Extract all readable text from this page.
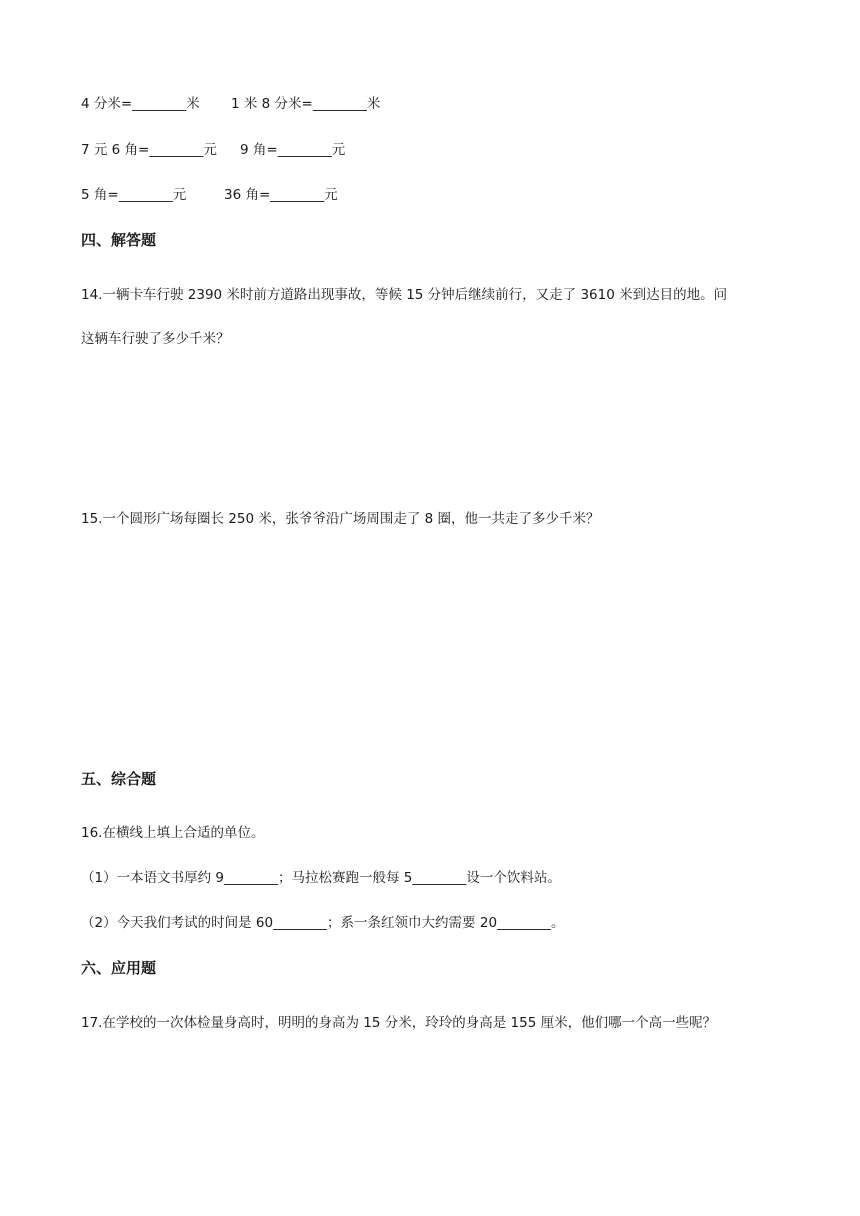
4 分米=________米 1 米 8 分米=________米
7 元 6 角=________元 9 角=________元
5 角=________元	36 角=________元
四、解答题
14.一辆卡车行驶 2390 米时前方道路出现事故，等候 15 分钟后继续前行，又走了 3610 米到达目的地。问
这辆车行驶了多少千米？
15.一个圆形广场每圈长 250 米，张爷爷沿广场周围走了 8 圈，他一共走了多少千米？
五、综合题
16.在横线上填上合适的单位。
（1）一本语文书厚约 9________；马拉松赛跑一般每 5________设一个饮料站。
（2）今天我们考试的时间是 60________；系一条红领巾大约需要 20________。
六、应用题
17.在学校的一次体检量身高时，明明的身高为 15 分米，玲玲的身高是 155 厘米，他们哪一个高一些呢？
